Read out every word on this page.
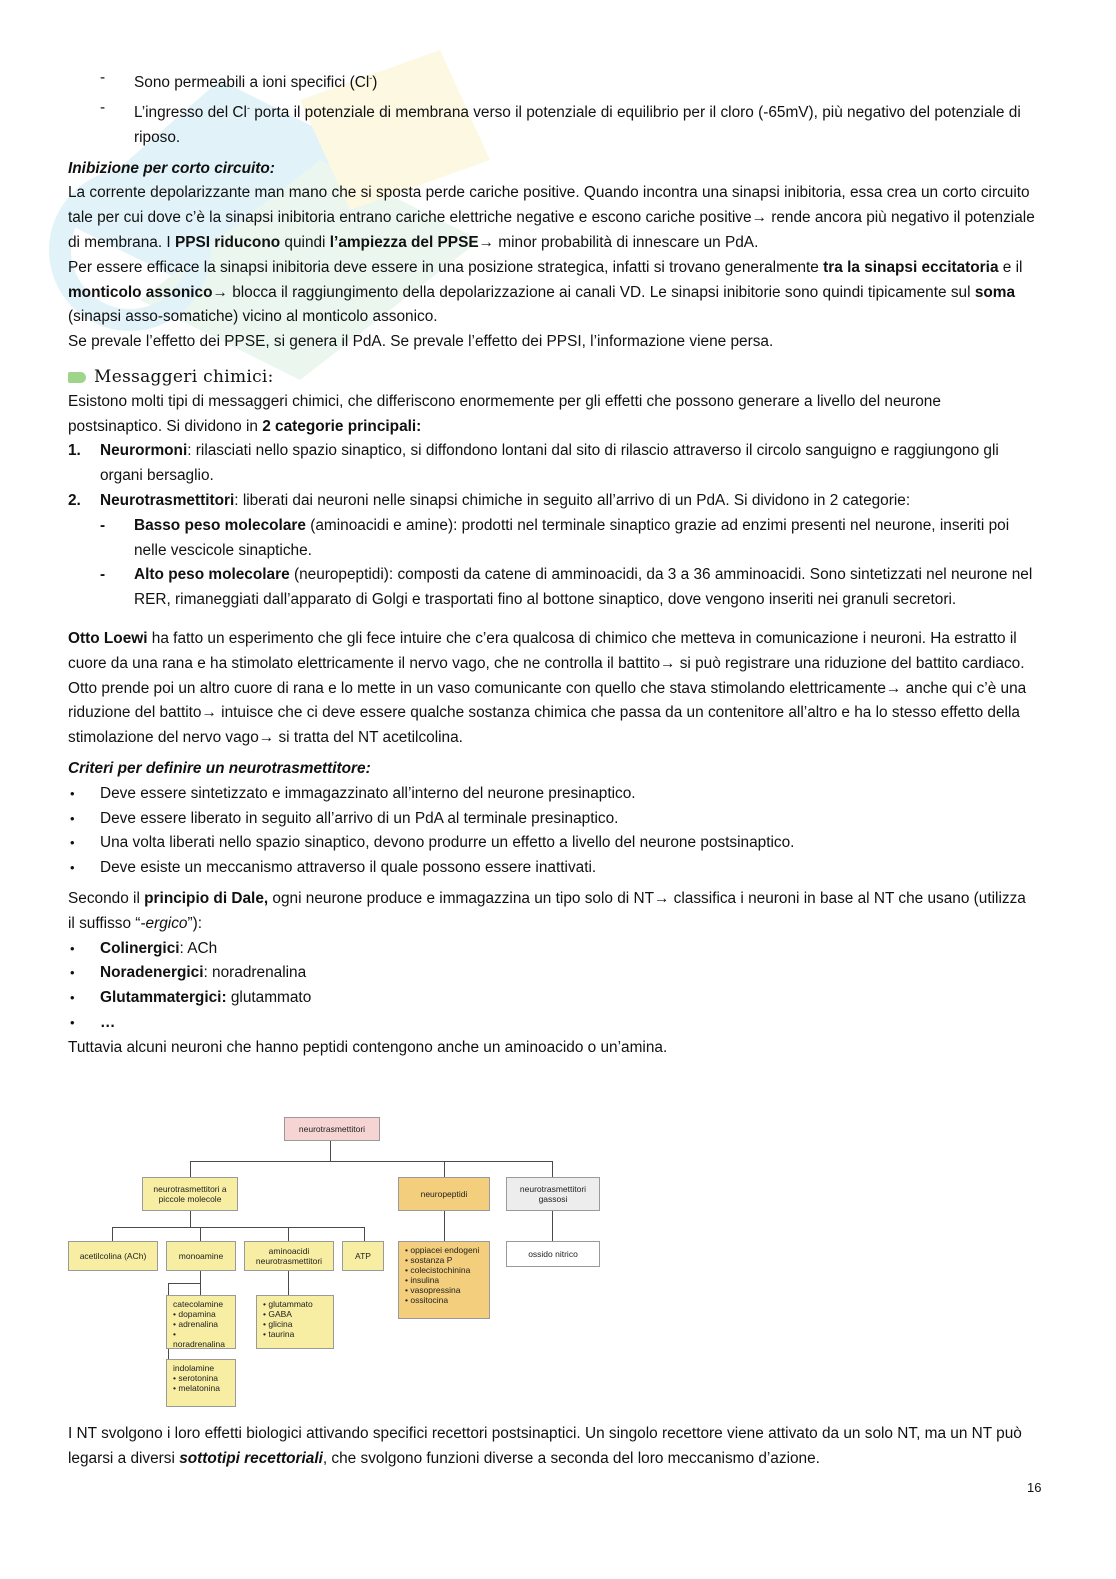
- Sono permeabili a ioni specifici (Cl-)
- L’ingresso del Cl- porta il potenziale di membrana verso il potenziale di equilibrio per il cloro (-65mV), più negativo del potenziale di riposo.

Inibizione per corto circuito:

La corrente depolarizzante man mano che si sposta perde cariche positive. Quando incontra una sinapsi inibitoria, essa crea un corto circuito tale per cui dove c’è la sinapsi inibitoria entrano cariche elettriche negative e escono cariche positive→ rende ancora più negativo il potenziale di membrana. I PPSI riducono quindi l’ampiezza del PPSE→ minor probabilità di innescare un PdA.

Per essere efficace la sinapsi inibitoria deve essere in una posizione strategica, infatti si trovano generalmente tra la sinapsi eccitatoria e il monticolo assonico→ blocca il raggiungimento della depolarizzazione ai canali VD. Le sinapsi inibitorie sono quindi tipicamente sul soma (sinapsi asso-somatiche) vicino al monticolo assonico.

Se prevale l’effetto dei PPSE, si genera il PdA. Se prevale l’effetto dei PPSI, l’informazione viene persa.

Messaggeri chimici :

Esistono molti tipi di messaggeri chimici, che differiscono enormemente per gli effetti che possono generare a livello del neurone postsinaptico. Si dividono in 2 categorie principali:

1. Neurormoni: rilasciati nello spazio sinaptico, si diffondono lontani dal sito di rilascio attraverso il circolo sanguigno e raggiungono gli organi bersaglio.
2. Neurotrasmettitori: liberati dai neuroni nelle sinapsi chimiche in seguito all’arrivo di un PdA. Si dividono in 2 categorie:
- Basso peso molecolare (aminoacidi e amine): prodotti nel terminale sinaptico grazie ad enzimi presenti nel neurone, inseriti poi nelle vescicole sinaptiche.
- Alto peso molecolare (neuropeptidi): composti da catene di amminoacidi, da 3 a 36 amminoacidi. Sono sintetizzati nel neurone nel RER, rimaneggiati dall’apparato di Golgi e trasportati fino al bottone sinaptico, dove vengono inseriti nei granuli secretori.

Otto Loewi ha fatto un esperimento che gli fece intuire che c’era qualcosa di chimico che metteva in comunicazione i neuroni. Ha estratto il cuore da una rana e ha stimolato elettricamente il nervo vago, che ne controlla il battito→ si può registrare una riduzione del battito cardiaco. Otto prende poi un altro cuore di rana e lo mette in un vaso comunicante con quello che stava stimolando elettricamente→ anche qui c’è una riduzione del battito→ intuisce che ci deve essere qualche sostanza chimica che passa da un contenitore all’altro e ha lo stesso effetto della stimolazione del nervo vago→ si tratta del NT acetilcolina.

Criteri per definire un neurotrasmettitore:

• Deve essere sintetizzato e immagazzinato all’interno del neurone presinaptico.
• Deve essere liberato in seguito all’arrivo di un PdA al terminale presinaptico.
• Una volta liberati nello spazio sinaptico, devono produrre un effetto a livello del neurone postsinaptico.
• Deve esiste un meccanismo attraverso il quale possono essere inattivati.

Secondo il principio di Dale, ogni neurone produce e immagazzina un tipo solo di NT→ classifica i neuroni in base al NT che usano (utilizza il suffisso “-ergico”):

• Colinergici: ACh
• Noradenergici: noradrenalina
• Glutammatergici: glutammato
• …

Tuttavia alcuni neuroni che hanno peptidi contengono anche un aminoacido o un’amina.

neurotrasmettitori
neurotrasmettitori a piccole molecole	neuropeptidi	neurotrasmettitori gassosi
acetilcolina (ACh)	monoamine	aminoacidi neurotrasmettitori	ATP	ossido nitrico
• oppiacei endogeni
• sostanza P
• colecistochinina
• insulina
• vasopressina
• ossitocina
catecolamine
• dopamina
• adrenalina
• noradrenalina
• glutammato
• GABA
• glicina
• taurina
indolamine
• serotonina
• melatonina

I NT svolgono i loro effetti biologici attivando specifici recettori postsinaptici. Un singolo recettore viene attivato da un solo NT, ma un NT può legarsi a diversi sottotipi recettoriali, che svolgono funzioni diverse a seconda del loro meccanismo d’azione.

16
